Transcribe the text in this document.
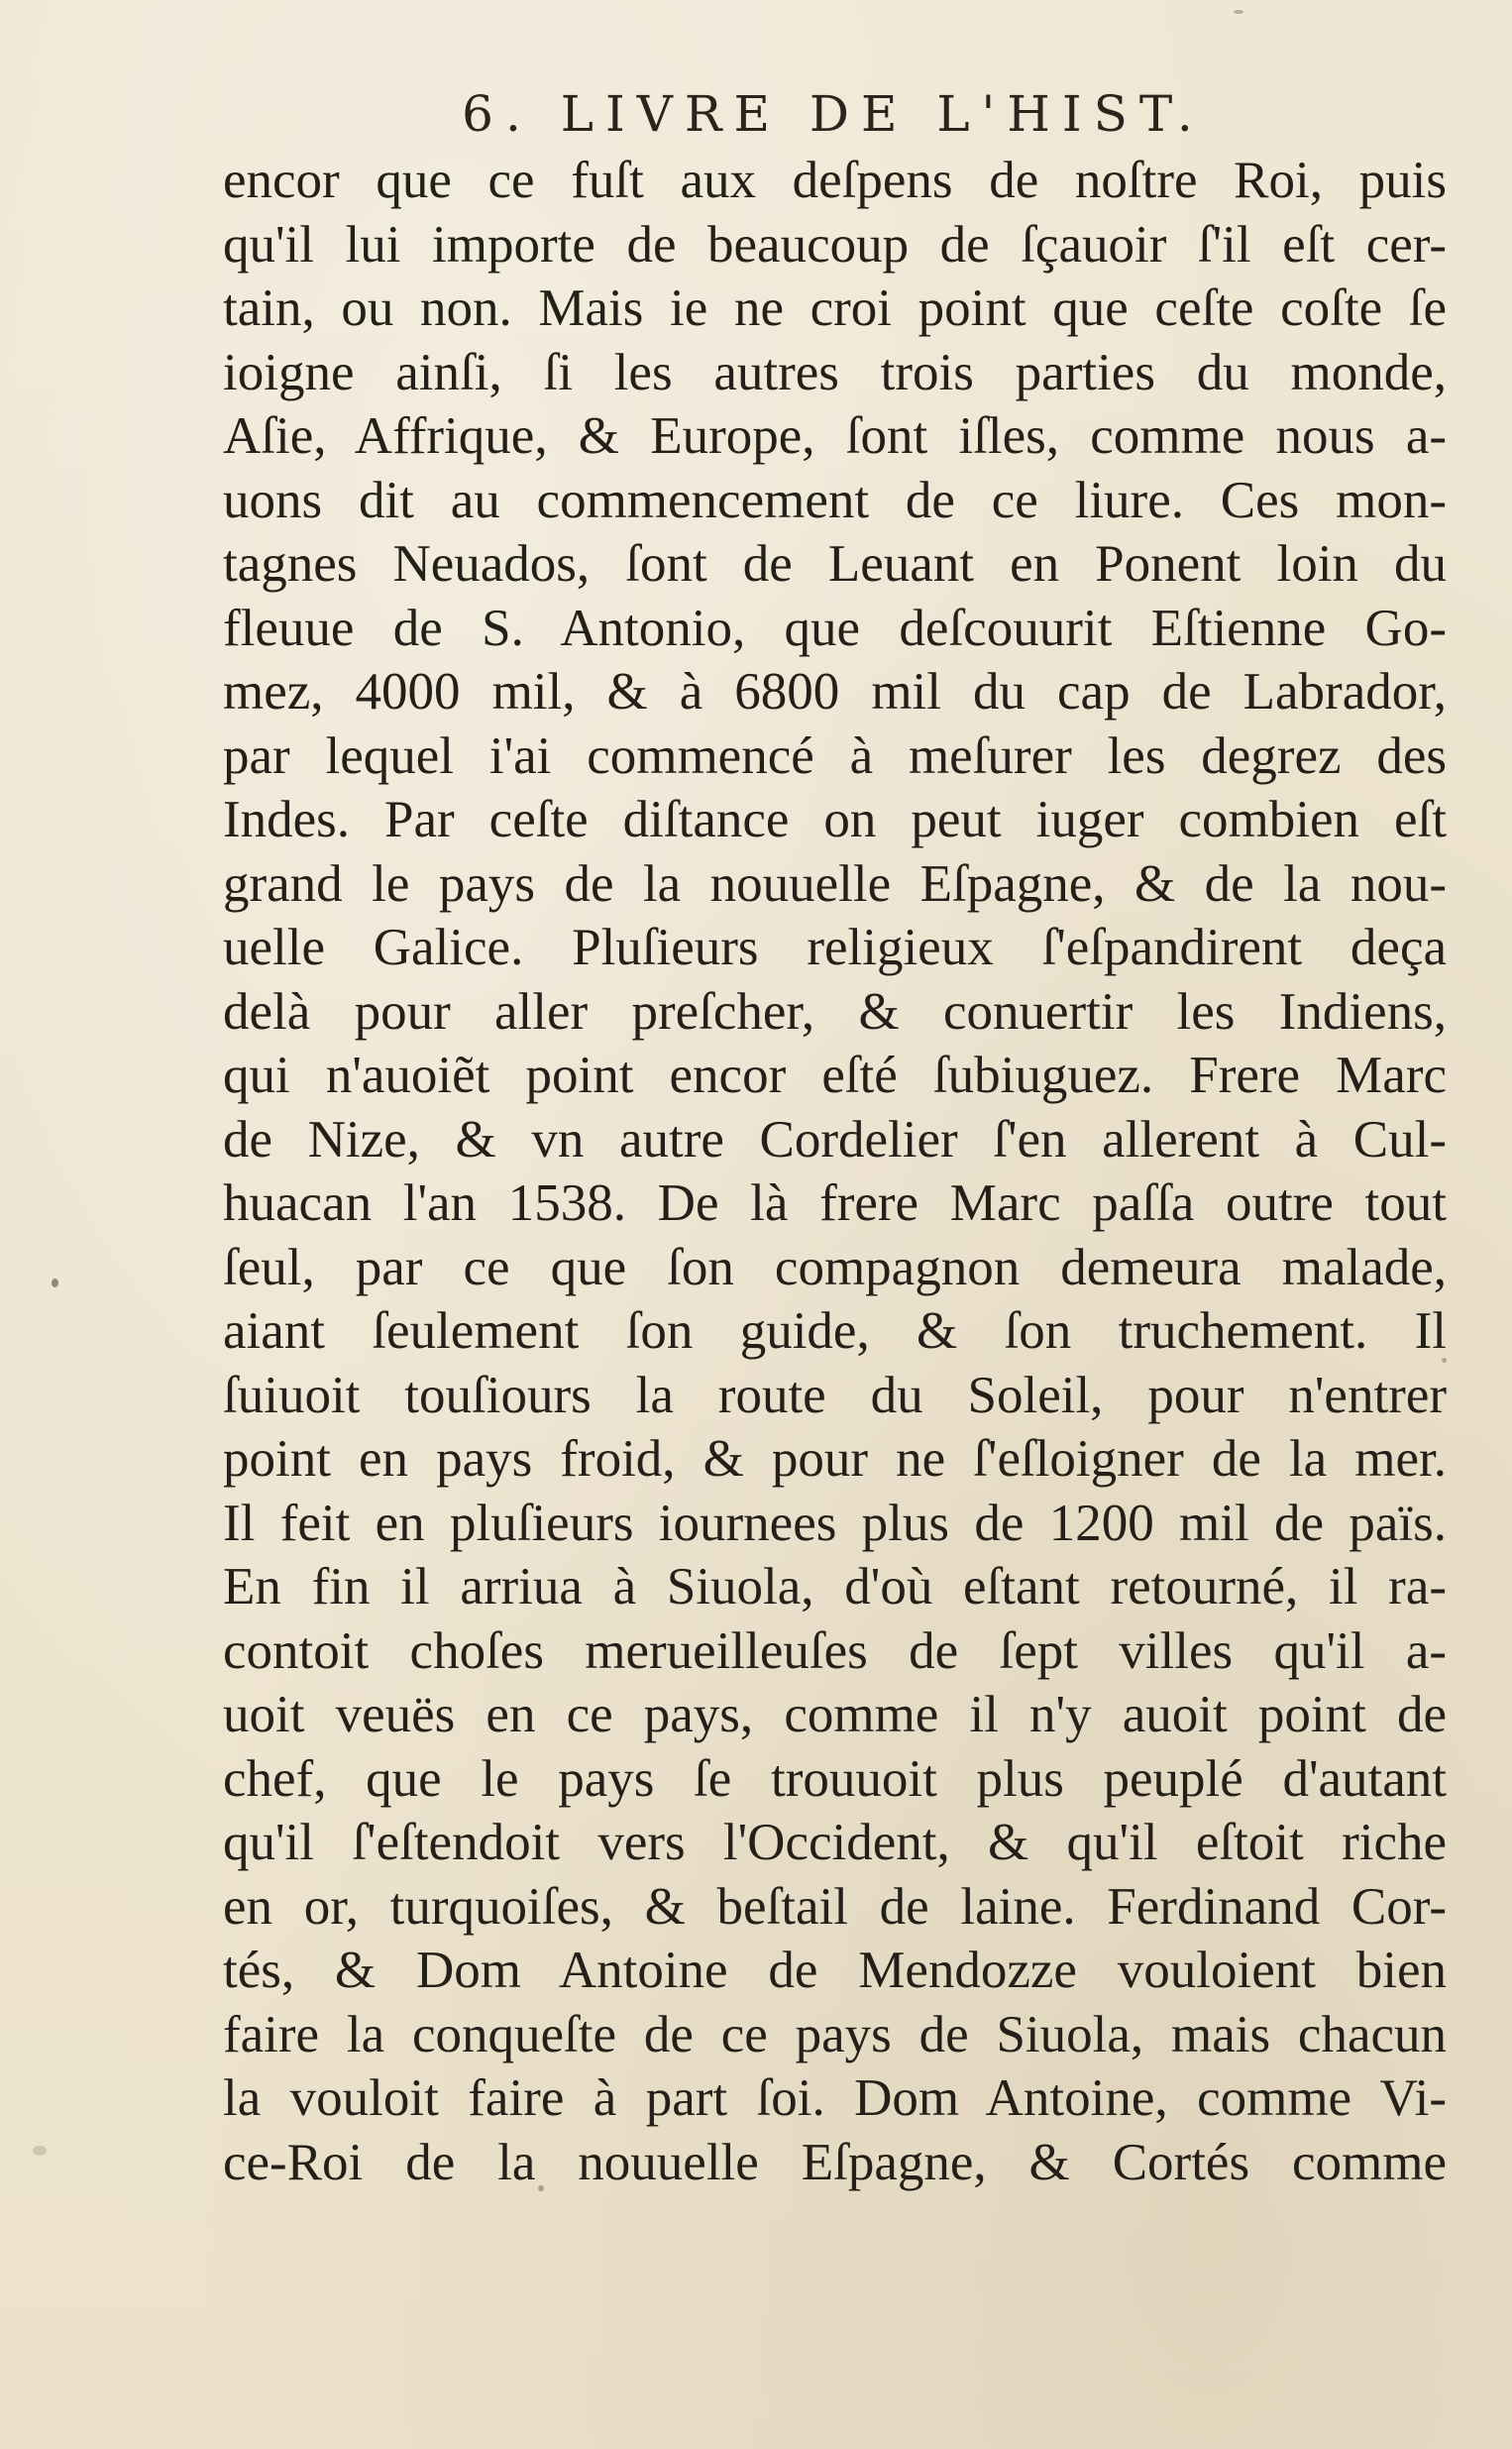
6. LIVRE DE L'HIST.
encor que ce fuſt aux deſpens de noſtre Roi, puis
qu'il lui importe de beaucoup de ſçauoir ſ'il eſt cer-
tain, ou non. Mais ie ne croi point que ceſte coſte ſe
ioigne ainſi, ſi les autres trois parties du monde,
Aſie, Affrique, & Europe, ſont iſles, comme nous a-
uons dit au commencement de ce liure. Ces mon-
tagnes Neuados, ſont de Leuant en Ponent loin du
fleuue de S. Antonio, que deſcouurit Eſtienne Go-
mez, 4000 mil, & à 6800 mil du cap de Labrador,
par lequel i'ai commencé à meſurer les degrez des
Indes. Par ceſte diſtance on peut iuger combien eſt
grand le pays de la nouuelle Eſpagne, & de la nou-
uelle Galice. Pluſieurs religieux ſ'eſpandirent deça
delà pour aller preſcher, & conuertir les Indiens,
qui n'auoiẽt point encor eſté ſubiuguez. Frere Marc
de Nize, & vn autre Cordelier ſ'en allerent à Cul-
huacan l'an 1538. De là frere Marc paſſa outre tout
ſeul, par ce que ſon compagnon demeura malade,
aiant ſeulement ſon guide, & ſon truchement. Il
ſuiuoit touſiours la route du Soleil, pour n'entrer
point en pays froid, & pour ne ſ'eſloigner de la mer.
Il feit en pluſieurs iournees plus de 1200 mil de païs.
En fin il arriua à Siuola, d'où eſtant retourné, il ra-
contoit choſes merueilleuſes de ſept villes qu'il a-
uoit veuës en ce pays, comme il n'y auoit point de
chef, que le pays ſe trouuoit plus peuplé d'autant
qu'il ſ'eſtendoit vers l'Occident, & qu'il eſtoit riche
en or, turquoiſes, & beſtail de laine. Ferdinand Cor-
tés, & Dom Antoine de Mendozze vouloient bien
faire la conqueſte de ce pays de Siuola, mais chacun
la vouloit faire à part ſoi. Dom Antoine, comme Vi-
ce-Roi de la nouuelle Eſpagne, & Cortés comme
